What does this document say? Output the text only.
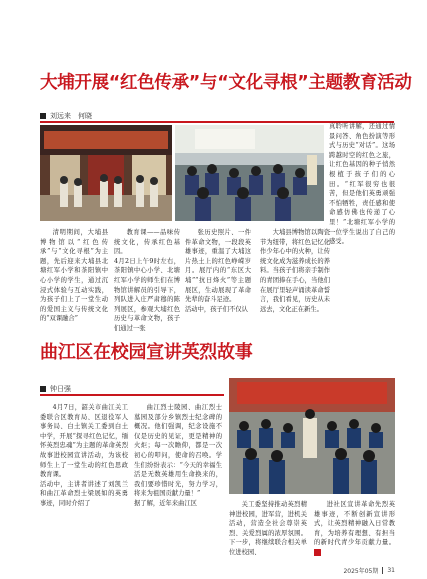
大埔开展“红色传承”与“文化寻根”主题教育活动
刘远来　何晓
真聆听讲解，还通过情景问答、角色扮演等形式与历史“对话”。这场跨越时空的红色之旅，让红色基因的种子悄然根植于孩子们的心田。“红军很穷也很苦，但是他们英勇顽强不怕牺牲，责任感和使命感仿佛也传递了心里！”北塘红军小学的一位学生说出了自己的感受。

清明期间，大埔县博物馆以“红色传承”与“文化寻根”为主题，先后迎来大埔县北塘红军小学和茶阳镇中心小学的学生，通过沉浸式体验与互动实践，为孩子们上了一堂生动的爱国主义与传统文化的“双课融合”

教育课——品味传统文化，传承红色基因。
4月2日上午9时左右，茶阳镇中心小学、北塘红军小学的师生们在博物馆讲解员的引导下，列队进入庄严肃穆的陈列展区，参观大埔红色历史与革命文物，孩子们通过一张

张历史照片、一件件革命文物，一段段英雄事迹，重温了大埔这片热土上的红色峥嵘岁月。展厅内的“东区大埔”“抗日烽火”等主题展区，生动展现了革命先辈的奋斗足迹。
活动中，孩子们不仅认

大埔县博物馆以陶瓷节为纽带，将红色记忆化作少年心中的火种，让传统文化成为滋养成长的养料。当孩子们将亲手制作的青团捧在手心，当他们在展厅里轻声诵读革命誓言，我们看见，历史从未远去，文化正在新生。

曲江区在校园宣讲英烈故事
钟日强

4月7日，韶关市曲江关工委联合区教育局、区退役军人事务局、白土镇关工委到白土中学，开展“探寻红色记忆，缅怀英烈忠魂”为主题的革命英烈故事进校园宣讲活动，为该校师生上了一堂生动的红色思政教育课。
活动中，主讲者讲述了刘凯兰和曲江革命烈士梁展如的英勇事迹，同时介绍了

曲江烈士陵园、曲江烈士墓园及部分乡镇烈士纪念碑的概况。他们强调，纪念设施不仅是历史的见证，更是精神的火炬；每一次瞻仰，都是一次初心的叩问，使命的召唤。学生们纷纷表示：“今天的幸福生活是无数英雄用生命换来的，我们要珍惜时光，努力学习，将来为祖国贡献力量！”
据了解，近年来曲江区	关工委坚持推动英烈精神进校园，进军营，进机关活动，营造全社会尊崇英烈、关爱烈属的浓厚氛围。下一步，将继续联合相关单位进校园、

进社区宣讲革命先烈英雄事迹，不断创新宣讲形式，让英烈精神融入日常教育，为培养有理想、有担当的新时代青少年贡献力量。 ■

2025年05期 31
